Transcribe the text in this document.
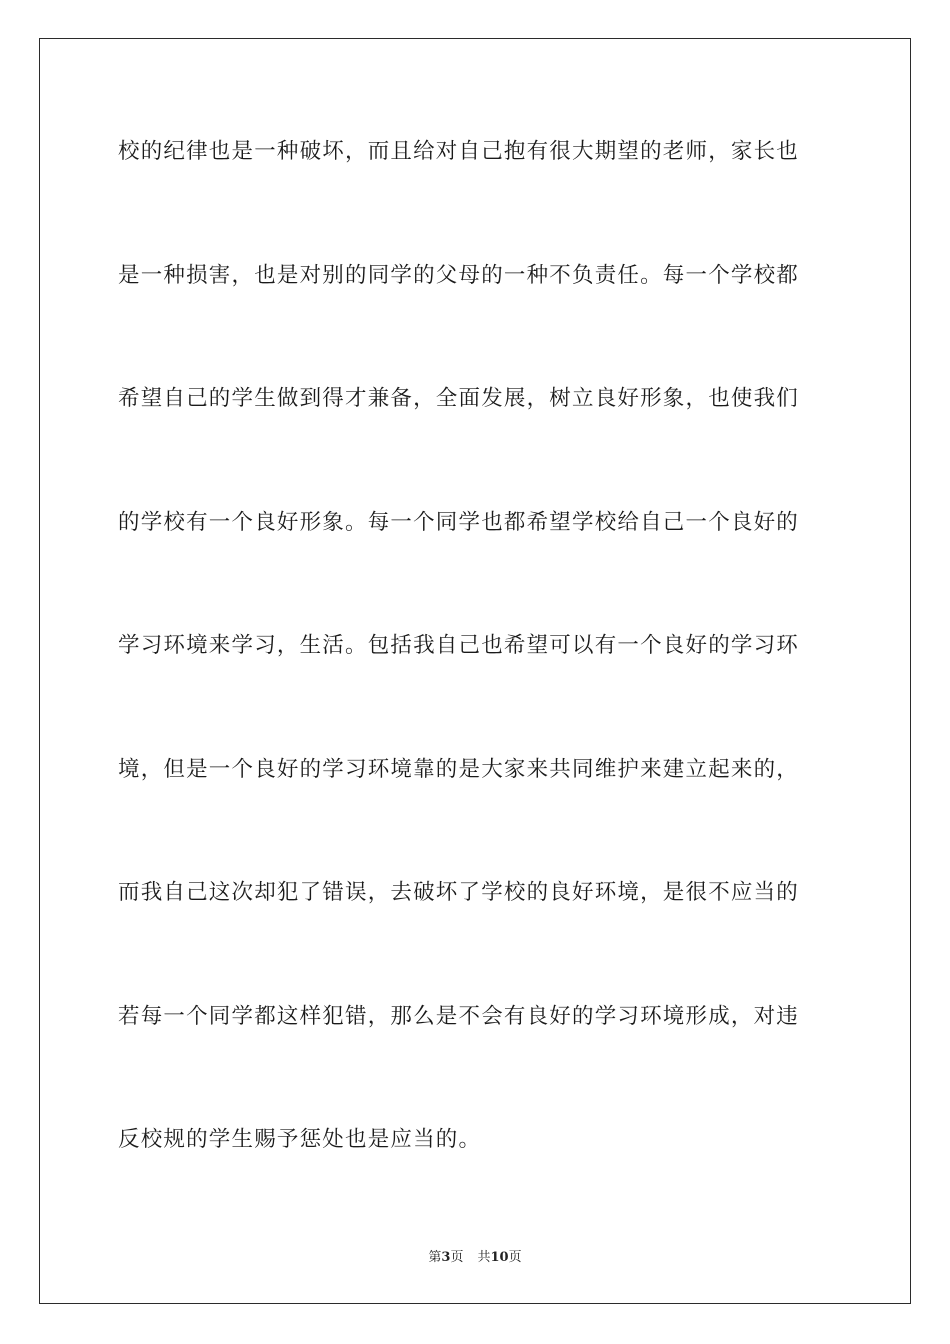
校的纪律也是一种破坏，而且给对自己抱有很大期望的老师，家长也
是一种损害，也是对别的同学的父母的一种不负责任。每一个学校都
希望自己的学生做到得才兼备，全面发展，树立良好形象，也使我们
的学校有一个良好形象。每一个同学也都希望学校给自己一个良好的
学习环境来学习，生活。包括我自己也希望可以有一个良好的学习环
境，但是一个良好的学习环境靠的是大家来共同维护来建立起来的，
而我自己这次却犯了错误，去破坏了学校的良好环境，是很不应当的
若每一个同学都这样犯错，那么是不会有良好的学习环境形成，对违
反校规的学生赐予惩处也是应当的。
第3页 共10页
